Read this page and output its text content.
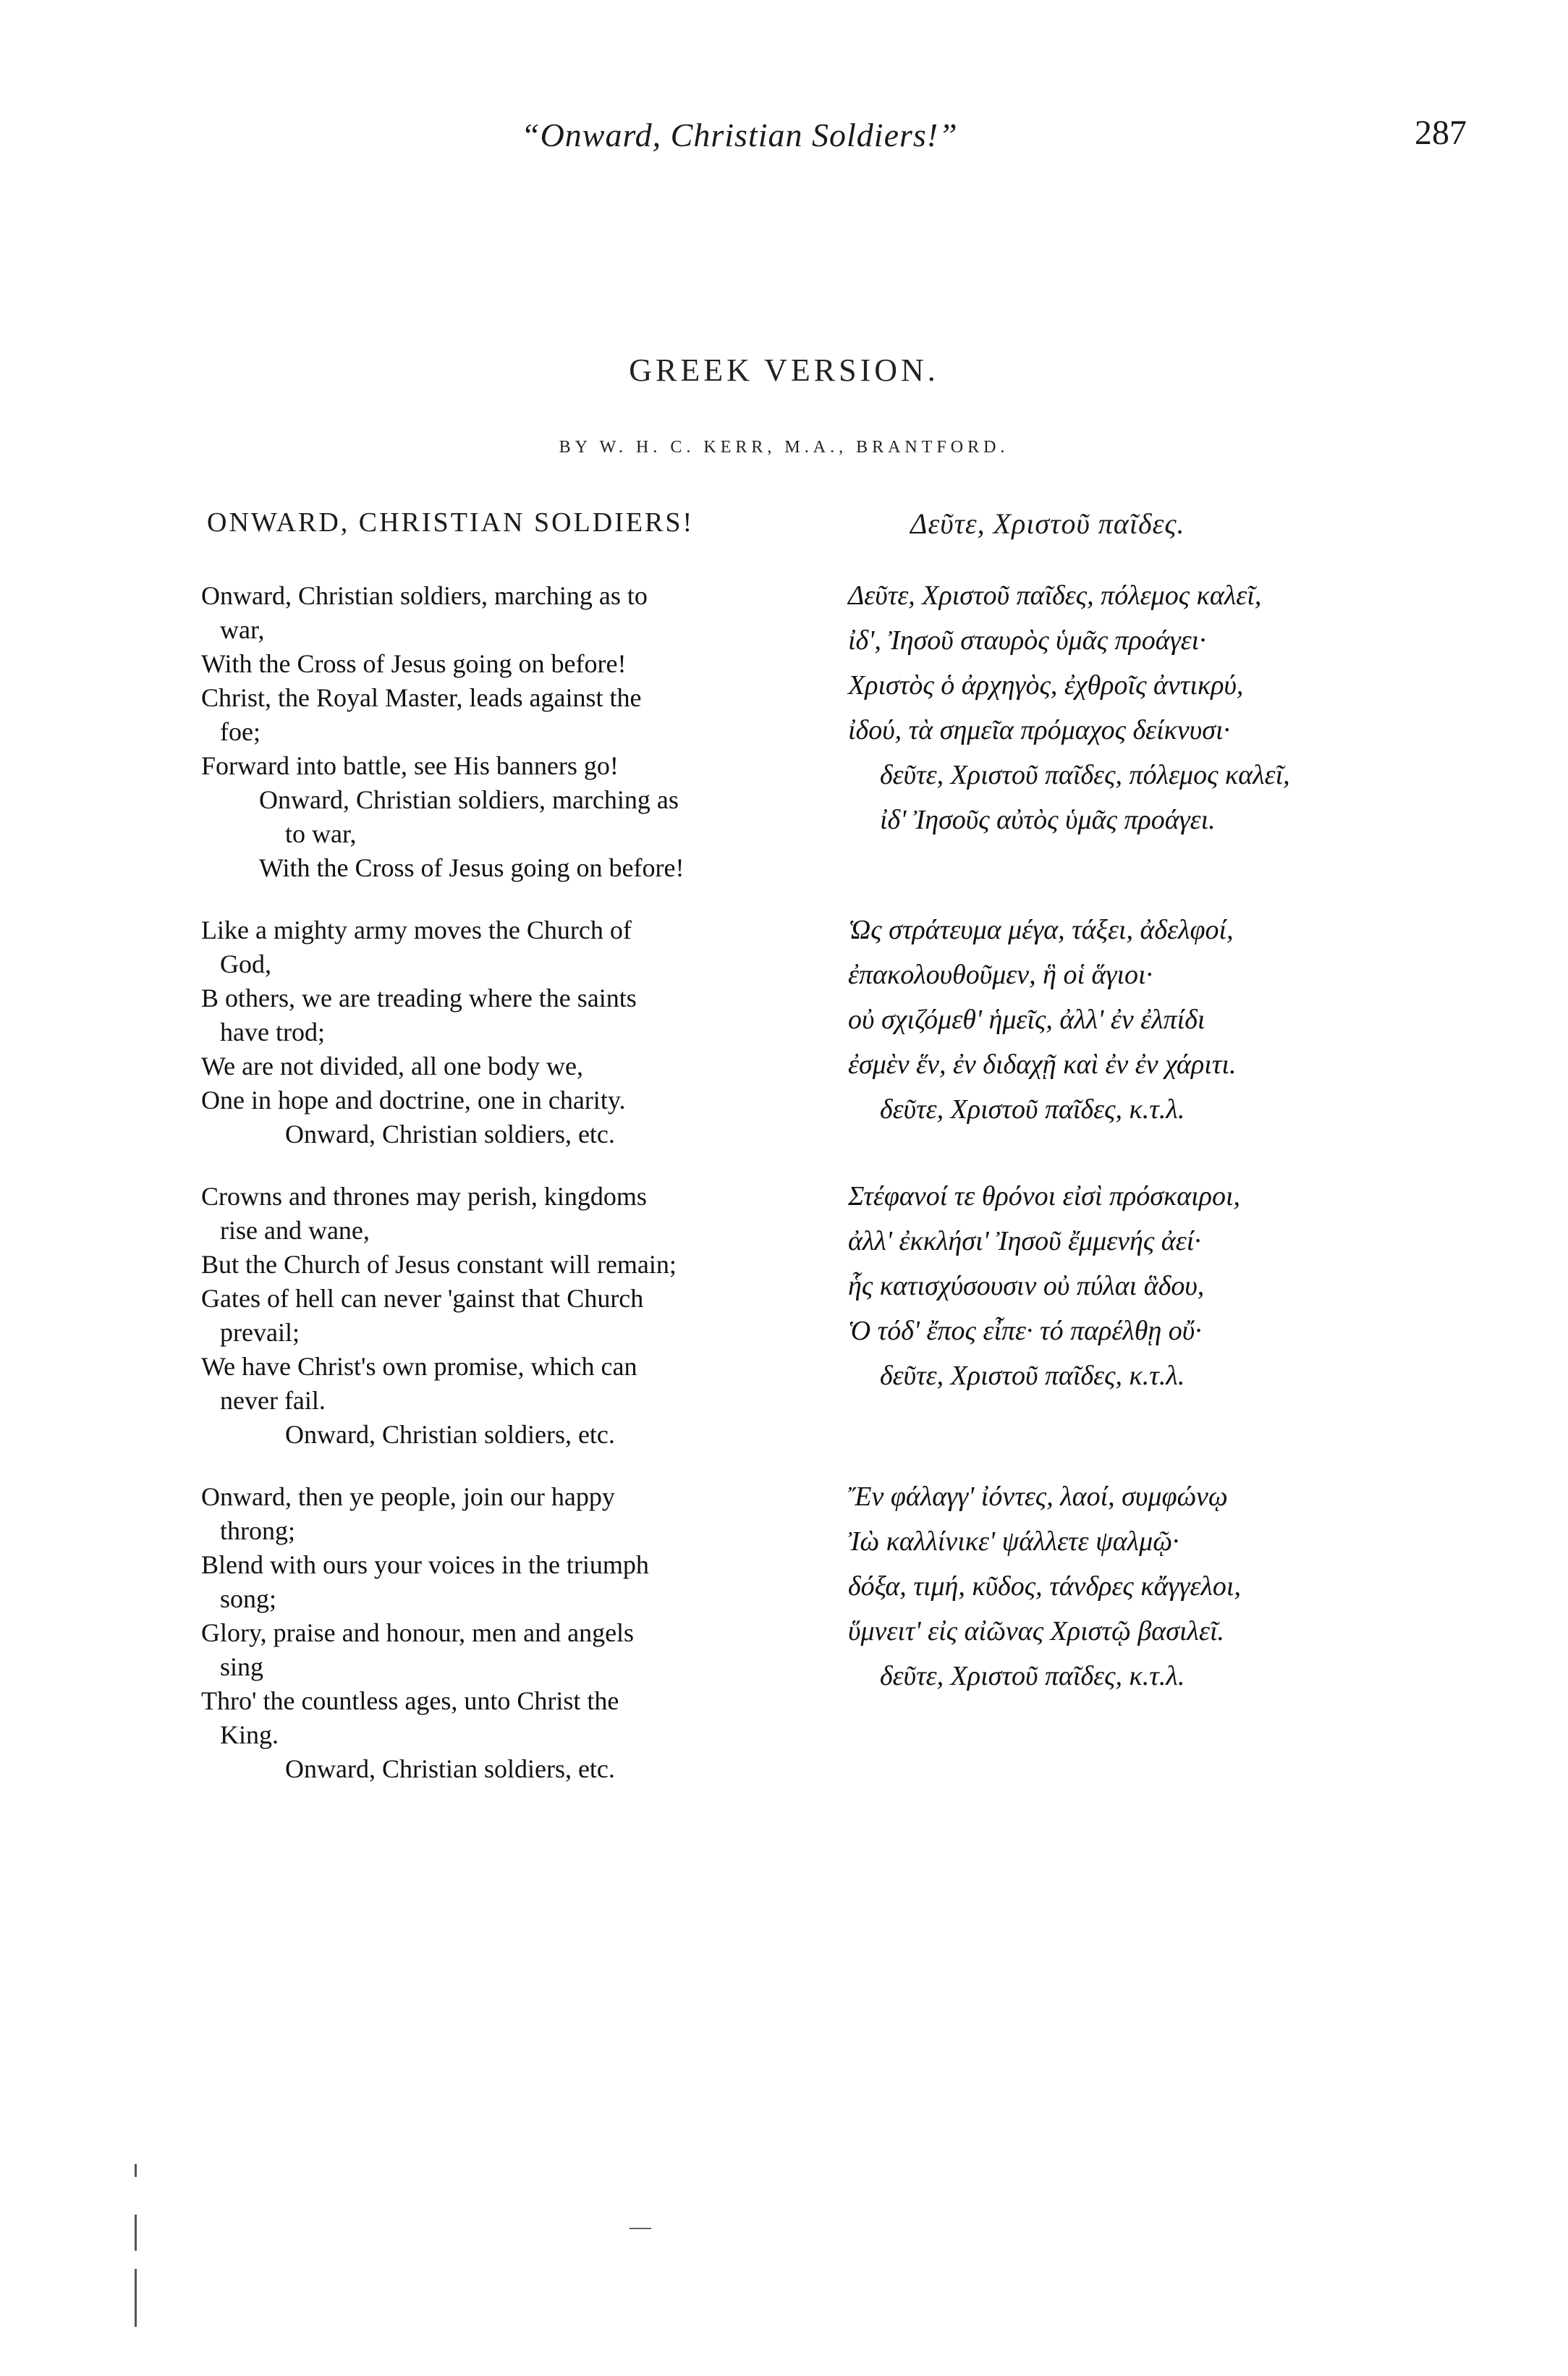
“Onward, Christian Soldiers!”	287
GREEK VERSION.
BY W. H. C. KERR, M.A., BRANTFORD.
ONWARD, CHRISTIAN SOLDIERS!	Δεῦτε, Χριστοῦ παῖδες.
Onward, Christian soldiers, marching as to
war,
With the Cross of Jesus going on before!
Christ, the Royal Master, leads against the
foe;
Forward into battle, see His banners go!
Onward, Christian soldiers, marching as
to war,
With the Cross of Jesus going on before!
Like a mighty army moves the Church of
God,
B others, we are treading where the saints
have trod;
We are not divided, all one body we,
One in hope and doctrine, one in charity.
Onward, Christian soldiers, etc.
Crowns and thrones may perish, kingdoms
rise and wane,
But the Church of Jesus constant will remain;
Gates of hell can never 'gainst that Church
prevail;
We have Christ's own promise, which can
never fail.
Onward, Christian soldiers, etc.
Onward, then ye people, join our happy
throng;
Blend with ours your voices in the triumph
song;
Glory, praise and honour, men and angels
sing
Thro' the countless ages, unto Christ the
King.
Onward, Christian soldiers, etc.
Δεῦτε, Χριστοῦ παῖδες, πόλεμος καλεῖ,
ἰδ', Ἰησοῦ σταυρὸς ὑμᾶς προάγει·
Χριστὸς ὁ ἀρχηγὸς, ἐχθροῖς ἀντικρύ,
ἰδού, τὰ σημεῖα πρόμαχος δείκνυσι·
δεῦτε, Χριστοῦ παῖδες, πόλεμος καλεῖ,
ἰδ' Ἰησοῦς αὐτὸς ὑμᾶς προάγει.
Ὡς στράτευμα μέγα, τάξει, ἀδελφοί,
ἐπακολουθοῦμεν, ἣ οἱ ἅγιοι·
οὐ σχιζόμεθ' ἡμεῖς, ἀλλ' ἐν ἐλπίδι
ἐσμὲν ἕν, ἐν διδαχῇ καὶ ἐν ἐν χάριτι.
δεῦτε, Χριστοῦ παῖδες, κ.τ.λ.
Στέφανοί τε θρόνοι εἰσὶ πρόσκαιροι,
ἀλλ' ἐκκλήσι' Ἰησοῦ ἔμμενής ἀεί·
ἧς κατισχύσουσιν οὐ πύλαι ἃδου,
Ὁ τόδ' ἔπος εἶπε· τό παρέλθῃ οὔ·
δεῦτε, Χριστοῦ παῖδες, κ.τ.λ.
Ἔν φάλαγγ' ἰόντες, λαοί, συμφώνῳ
Ἰὼ καλλίνικε' ψάλλετε ψαλμῷ·
δόξα, τιμή, κῦδος, τάνδρες κἄγγελοι,
ὕμνειτ' εἰς αἰῶνας Χριστῷ βασιλεῖ.
δεῦτε, Χριστοῦ παῖδες, κ.τ.λ.
—
